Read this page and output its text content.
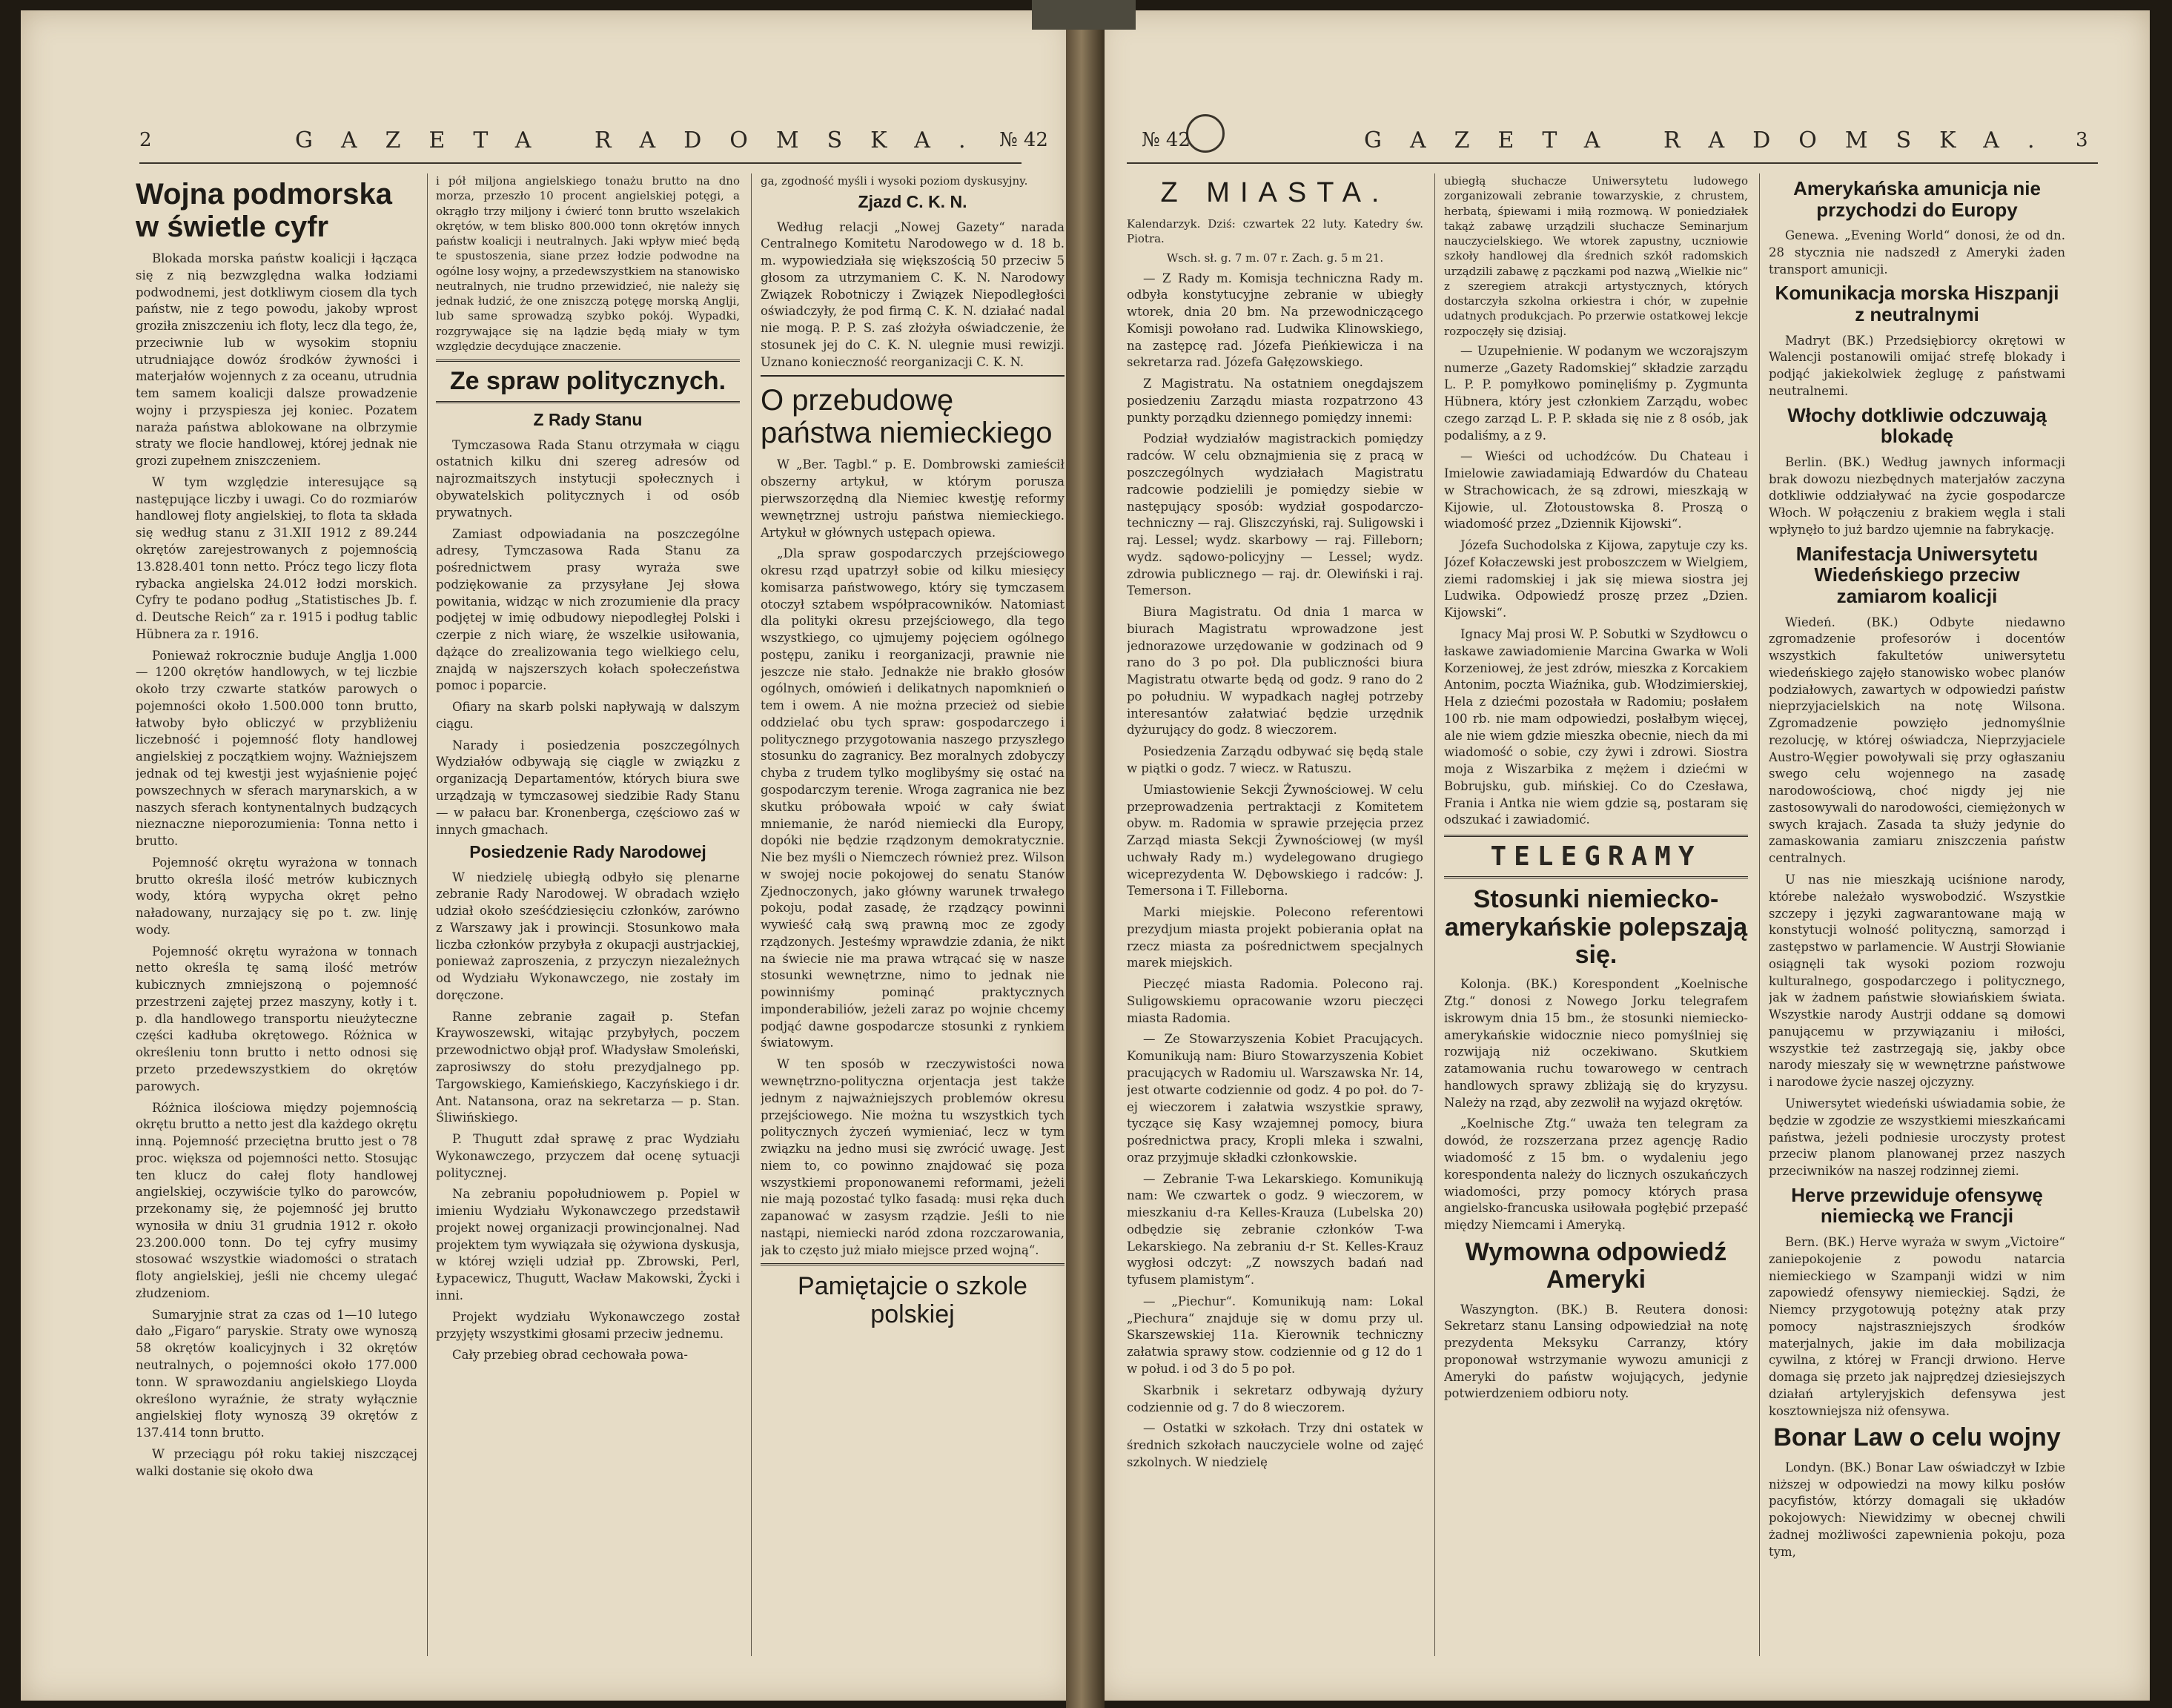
2	GAZETA RADOMSKA. № 42
Wojna podmorska w świetle cyfr

Blokada morska państw koalicji i łącząca się z nią bezwzględna walka łodziami podwodnemi, jest dotkliwym ciosem dla tych państw, nie z tego powodu, jakoby wprost groziła zniszczeniu ich floty, lecz dla tego, że, przeciwnie lub w wysokim stopniu utrudniające dowóz środków żywności i materjałów wojennych z za oceanu, utrudnia tem samem koalicji dalsze prowadzenie wojny i przyspiesza jej koniec. Pozatem naraża państwa ablokowane na olbrzymie straty we flocie handlowej, której jednak nie grozi zupełnem zniszczeniem.

W tym względzie interesujące są następujące liczby i uwagi. Co do rozmiarów handlowej floty angielskiej, to flota ta składa się według stanu z 31.XII 1912 z 89.244 okrętów zarejestrowanych z pojemnością 13.828.401 tonn netto. Prócz tego liczy flota rybacka angielska 24.012 łodzi morskich. Cyfry te podano podług „Statistisches Jb. f. d. Deutsche Reich“ za r. 1915 i podług tablic Hübnera za r. 1916.

Ponieważ rokrocznie buduje Anglja 1.000 — 1200 okrętów handlowych, w tej liczbie około trzy czwarte statków parowych o pojemności około 1.500.000 tonn brutto, łatwoby było obliczyć w przybliżeniu liczebność i pojemność floty handlowej angielskiej z początkiem wojny. Ważniejszem jednak od tej kwestji jest wyjaśnienie pojęć powszechnych w sferach marynarskich, a w naszych sferach kontynentalnych budzących nieznaczne nieporozumienia: Tonna netto i brutto.

Pojemność okrętu wyrażona w tonnach brutto określa ilość metrów kubicznych wody, którą wypycha okręt pełno naładowany, nurzający się po t. zw. linję wody.

Pojemność okrętu wyrażona w tonnach netto określa tę samą ilość metrów kubicznych zmniejszoną o pojemność przestrzeni zajętej przez maszyny, kotły i t. p. dla handlowego transportu nieużyteczne części kadłuba okrętowego. Różnica w określeniu tonn brutto i netto odnosi się przeto przedewszystkiem do okrętów parowych.

Różnica ilościowa między pojemnością okrętu brutto a netto jest dla każdego okrętu inną. Pojemność przeciętna brutto jest o 78 proc. większa od pojemności netto. Stosując ten klucz do całej floty handlowej angielskiej, oczywiście tylko do parowców, przekonamy się, że pojemność jej brutto wynosiła w dniu 31 grudnia 1912 r. około 23.200.000 tonn. Do tej cyfry musimy stosować wszystkie wiadomości o stratach floty angielskiej, jeśli nie chcemy ulegać złudzeniom.

Sumaryjnie strat za czas od 1—10 lutego dało „Figaro“ paryskie. Straty owe wynoszą 58 okrętów koalicyjnych i 32 okrętów neutralnych, o pojemności około 177.000 tonn. W sprawozdaniu angielskiego Lloyda określono wyraźnie, że straty wyłącznie angielskiej floty wynoszą 39 okrętów z 137.414 tonn brutto.

W przeciągu pół roku takiej niszczącej walki dostanie się około dwa

i pół miljona angielskiego tonażu brutto na dno morza, przeszło 10 procent angielskiej potęgi, a okrągło trzy miljony i ćwierć tonn brutto wszelakich okrętów, w tem blisko 800.000 tonn okrętów innych państw koalicji i neutralnych. Jaki wpływ mieć będą te spustoszenia, siane przez łodzie podwodne na ogólne losy wojny, a przedewszystkiem na stanowisko neutralnych, nie trudno przewidzieć, nie należy się jednak łudzić, że one zniszczą potęgę morską Anglji, lub same sprowadzą szybko pokój. Wypadki, rozgrywające się na lądzie będą miały w tym względzie decydujące znaczenie.

Ze spraw politycznych.
Z Rady Stanu

Tymczasowa Rada Stanu otrzymała w ciągu ostatnich kilku dni szereg adresów od najrozmaitszych instytucji społecznych i obywatelskich politycznych i od osób prywatnych.

Zamiast odpowiadania na poszczególne adresy, Tymczasowa Rada Stanu za pośrednictwem prasy wyraża swe podziękowanie za przysyłane Jej słowa powitania, widząc w nich zrozumienie dla pracy podjętej w imię odbudowy niepodległej Polski i czerpie z nich wiarę, że wszelkie usiłowania, dążące do zrealizowania tego wielkiego celu, znajdą w najszerszych kołach społeczeństwa pomoc i poparcie.

Ofiary na skarb polski napływają w dalszym ciągu.

Narady i posiedzenia poszczególnych Wydziałów odbywają się ciągle w związku z organizacją Departamentów, których biura swe urządzają w tymczasowej siedzibie Rady Stanu — w pałacu bar. Kronenberga, częściowo zaś w innych gmachach.

Posiedzenie Rady Narodowej

W niedzielę ubiegłą odbyło się plenarne zebranie Rady Narodowej. W obradach wzięło udział około sześćdziesięciu członków, zarówno z Warszawy jak i prowincji. Stosunkowo mała liczba członków przybyła z okupacji austrjackiej, ponieważ zaproszenia, z przyczyn niezależnych od Wydziału Wykonawczego, nie zostały im doręczone.

Ranne zebranie zagaił p. Stefan Kraywoszewski, witając przybyłych, poczem przewodnictwo objął prof. Władysław Smoleński, zaprosiwszy do stołu prezydjalnego pp. Targowskiego, Kamieńskiego, Kaczyńskiego i dr. Ant. Natansona, oraz na sekretarza — p. Stan. Śliwińskiego.

P. Thugutt zdał sprawę z prac Wydziału Wykonawczego, przyczem dał ocenę sytuacji politycznej.

Na zebraniu popołudniowem p. Popiel w imieniu Wydziału Wykonawczego przedstawił projekt nowej organizacji prowincjonalnej. Nad projektem tym wywiązała się ożywiona dyskusja, w której wzięli udział pp. Zbrowski, Perl, Łypacewicz, Thugutt, Wacław Makowski, Życki i inni.

Projekt wydziału Wykonawczego został przyjęty wszystkimi głosami przeciw jednemu.

Cały przebieg obrad cechowała powa-

ga, zgodność myśli i wysoki poziom dyskusyjny.

Zjazd C. K. N.

Według relacji „Nowej Gazety“ narada Centralnego Komitetu Narodowego w d. 18 b. m. wypowiedziała się większością 50 przeciw 5 głosom za utrzymaniem C. K. N. Narodowy Związek Robotniczy i Związek Niepodległości oświadczyły, że pod firmą C. K. N. działać nadal nie mogą. P. P. S. zaś złożyła oświadczenie, że stosunek jej do C. K. N. ulegnie musi rewizji. Uznano konieczność reorganizacji C. K. N.

O przebudowę państwa niemieckiego

W „Ber. Tagbl.“ p. E. Dombrowski zamieścił obszerny artykuł, w którym porusza pierwszorzędną dla Niemiec kwestję reformy wewnętrznej ustroju państwa niemieckiego. Artykuł w głównych ustępach opiewa.

„Dla spraw gospodarczych przejściowego okresu rząd upatrzył sobie od kilku miesięcy komisarza państwowego, który się tymczasem otoczył sztabem współpracowników. Natomiast dla polityki okresu przejściowego, dla tego wszystkiego, co ujmujemy pojęciem ogólnego postępu, zaniku i reorganizacji, prawnie nie jeszcze nie stało. Jednakże nie brakło głosów ogólnych, omówień i delikatnych napomknień o tem i owem. A nie można przecież od siebie oddzielać obu tych spraw: gospodarczego i politycznego przygotowania naszego przyszłego stosunku do zagranicy. Bez moralnych zdobyczy chyba z trudem tylko moglibyśmy się ostać na gospodarczym terenie. Wroga zagranica nie bez skutku próbowała wpoić w cały świat mniemanie, że naród niemiecki dla Europy, dopóki nie będzie rządzonym demokratycznie. Nie bez myśli o Niemczech również prez. Wilson w swojej nocie pokojowej do senatu Stanów Zjednoczonych, jako główny warunek trwałego pokoju, podał zasadę, że rządzący powinni wywieść całą swą prawną moc ze zgody rządzonych. Jesteśmy wprawdzie zdania, że nikt na świecie nie ma prawa wtrącać się w nasze stosunki wewnętrzne, nimo to jednak nie powinniśmy pominąć praktycznych imponderabiliów, jeżeli zaraz po wojnie chcemy podjąć dawne gospodarcze stosunki z rynkiem światowym.

W ten sposób w rzeczywistości nowa wewnętrzno-polityczna orjentacja jest także jednym z najważniejszych problemów okresu przejściowego. Nie można tu wszystkich tych politycznych życzeń wymieniać, lecz w tym związku na jedno musi się zwrócić uwagę. Jest niem to, co powinno znajdować się poza wszystkiemi proponowanemi reformami, jeżeli nie mają pozostać tylko fasadą: musi ręka duch zapanować w zasysm rządzie. Jeśli to nie nastąpi, niemiecki naród zdona rozczarowania, jak to często już miało miejsce przed wojną“.

Pamiętajcie o szkole polskiej
№ 42	GAZETA RADOMSKA. 3
Z MIASTA.

Kalendarzyk. Dziś: czwartek 22 luty. Katedry św. Piotra.

Wsch. sł. g. 7 m. 07 r. Zach. g. 5 m 21.

— Z Rady m. Komisja techniczna Rady m. odbyła konstytucyjne zebranie w ubiegły wtorek, dnia 20 bm. Na przewodniczącego Komisji powołano rad. Ludwika Klinowskiego, na zastępcę rad. Józefa Pieńkiewicza i na sekretarza rad. Józefa Gałęzowskiego.

Z Magistratu. Na ostatniem onegdajszem posiedzeniu Zarządu miasta rozpatrzono 43 punkty porządku dziennego pomiędzy innemi:

Podział wydziałów magistrackich pomiędzy radców. W celu obznajmienia się z pracą w poszczególnych wydziałach Magistratu radcowie podzielili je pomiędzy siebie w następujący sposób: wydział gospodarczo-techniczny — raj. Gliszczyński, raj. Suligowski i raj. Lessel; wydz. skarbowy — raj. Filleborn; wydz. sądowo-policyjny — Lessel; wydz. zdrowia publicznego — raj. dr. Olewiński i raj. Temerson.

Biura Magistratu. Od dnia 1 marca w biurach Magistratu wprowadzone jest jednorazowe urzędowanie w godzinach od 9 rano do 3 po poł. Dla publiczności biura Magistratu otwarte będą od godz. 9 rano do 2 po południu. W wypadkach nagłej potrzeby interesantów załatwiać będzie urzędnik dyżurujący do godz. 8 wieczorem.

Posiedzenia Zarządu odbywać się będą stale w piątki o godz. 7 wiecz. w Ratuszu.

Umiastowienie Sekcji Żywnościowej. W celu przeprowadzenia pertraktacji z Komitetem obyw. m. Radomia w sprawie przejęcia przez Zarząd miasta Sekcji Żywnościowej (w myśl uchwały Rady m.) wydelegowano drugiego wiceprezydenta W. Dębowskiego i radców: J. Temersona i T. Filleborna.

Marki miejskie. Polecono referentowi prezydjum miasta projekt pobierania opłat na rzecz miasta za pośrednictwem specjalnych marek miejskich.

Pieczęć miasta Radomia. Polecono raj. Suligowskiemu opracowanie wzoru pieczęci miasta Radomia.

— Ze Stowarzyszenia Kobiet Pracujących. Komunikują nam: Biuro Stowarzyszenia Kobiet pracujących w Radomiu ul. Warszawska Nr. 14, jest otwarte codziennie od godz. 4 po poł. do 7-ej wieczorem i załatwia wszystkie sprawy, tyczące się Kasy wzajemnej pomocy, biura pośrednictwa pracy, Kropli mleka i szwalni, oraz przyjmuje składki członkowskie.

— Zebranie T-wa Lekarskiego. Komunikują nam: We czwartek o godz. 9 wieczorem, w mieszkaniu d-ra Kelles-Krauza (Lubelska 20) odbędzie się zebranie członków T-wa Lekarskiego. Na zebraniu d-r St. Kelles-Krauz wygłosi odczyt: „Z nowszych badań nad tyfusem plamistym“.

— „Piechur“. Komunikują nam: Lokal „Piechura“ znajduje się w domu przy ul. Skarszewskiej 11a. Kierownik techniczny załatwia sprawy stow. codziennie od g 12 do 1 w połud. i od 3 do 5 po poł.

Skarbnik i sekretarz odbywają dyżury codziennie od g. 7 do 8 wieczorem.

— Ostatki w szkołach. Trzy dni ostatek w średnich szkołach nauczyciele wolne od zajęć szkolnych. W niedzielę

ubiegłą słuchacze Uniwersytetu ludowego zorganizowali zebranie towarzyskie, z chrustem, herbatą, śpiewami i miłą rozmową. W poniedziałek takąż zabawę urządzili słuchacze Seminarjum nauczycielskiego. We wtorek zapustny, uczniowie szkoły handlowej dla średnich szkół radomskich urządzili zabawę z pączkami pod nazwą „Wielkie nic“ z szeregiem atrakcji artystycznych, których dostarczyła szkolna orkiestra i chór, w zupełnie udatnych produkcjach. Po przerwie ostatkowej lekcje rozpoczęły się dzisiaj.

— Uzupełnienie. W podanym we wczorajszym numerze „Gazety Radomskiej“ składzie zarządu L. P. P. pomyłkowo pominęliśmy p. Zygmunta Hübnera, który jest członkiem Zarządu, wobec czego zarząd L. P. P. składa się nie z 8 osób, jak podaliśmy, a z 9.

— Wieści od uchodźców. Du Chateau i Imielowie zawiadamiają Edwardów du Chateau w Strachowicach, że są zdrowi, mieszkają w Kijowie, ul. Złotoustowska 8. Proszą o wiadomość przez „Dziennik Kijowski“.

Józefa Suchodolska z Kijowa, zapytuje czy ks. Józef Kołaczewski jest proboszczem w Wielgiem, ziemi radomskiej i jak się miewa siostra jej Ludwika. Odpowiedź proszę przez „Dzien. Kijowski“.

Ignacy Maj prosi W. P. Sobutki w Szydłowcu o łaskawe zawiadomienie Marcina Gwarka w Woli Korzeniowej, że jest zdrów, mieszka z Korcakiem Antonim, poczta Wiaźnika, gub. Włodzimierskiej, Hela z dziećmi pozostała w Radomiu; posłałem 100 rb. nie mam odpowiedzi, posłałbym więcej, ale nie wiem gdzie mieszka obecnie, niech da mi wiadomość o sobie, czy żywi i zdrowi. Siostra moja z Wiszarbika z mężem i dziećmi w Bobrujsku, gub. mińskiej. Co do Czesława, Frania i Antka nie wiem gdzie są, postaram się odszukać i zawiadomić.

TELEGRAMY
Stosunki niemiecko-amerykańskie polepszają się.

Kolonja. (BK.) Korespondent „Koelnische Ztg.“ donosi z Nowego Jorku telegrafem iskrowym dnia 15 bm., że stosunki niemiecko-amerykańskie widocznie nieco pomyślniej się rozwijają niż oczekiwano. Skutkiem zatamowania ruchu towarowego w centrach handlowych sprawy zbliżają się do kryzysu. Należy na rząd, aby zezwolił na wyjazd okrętów.

„Koelnische Ztg.“ uważa ten telegram za dowód, że rozszerzana przez agencję Radio wiadomość z 15 bm. o wydaleniu jego korespondenta należy do licznych oszukańczych wiadomości, przy pomocy których prasa angielsko-francuska usiłowała pogłębić przepaść między Niemcami i Ameryką.

Wymowna odpowiedź Ameryki

Waszyngton. (BK.) B. Reutera donosi: Sekretarz stanu Lansing odpowiedział na notę prezydenta Meksyku Carranzy, który proponował wstrzymanie wywozu amunicji z Ameryki do państw wojujących, jedynie potwierdzeniem odbioru noty.

Amerykańska amunicja nie przychodzi do Europy

Genewa. „Evening World“ donosi, że od dn. 28 stycznia nie nadszedł z Ameryki żaden transport amunicji.

Komunikacja morska Hiszpanji z neutralnymi

Madryt (BK.) Przedsiębiorcy okrętowi w Walencji postanowili omijać strefę blokady i podjąć jakiekolwiek żeglugę z państwami neutralnemi.

Włochy dotkliwie odczuwają blokadę

Berlin. (BK.) Według jawnych informacji brak dowozu niezbędnych materjałów zaczyna dotkliwie oddziaływać na życie gospodarcze Włoch. W połączeniu z brakiem węgla i stali wpłynęło to już bardzo ujemnie na fabrykację.

Manifestacja Uniwersytetu Wiedeńskiego przeciw zamiarom koalicji

Wiedeń. (BK.) Odbyte niedawno zgromadzenie profesorów i docentów wszystkich fakultetów uniwersytetu wiedeńskiego zajęło stanowisko wobec planów podziałowych, zawartych w odpowiedzi państw nieprzyjacielskich na notę Wilsona. Zgromadzenie powzięło jednomyślnie rezolucję, w której oświadcza, Nieprzyjaciele Austro-Węgier powoływali się przy ogłaszaniu swego celu wojennego na zasadę narodowościową, choć nigdy jej nie zastosowywali do narodowości, ciemiężonych w swych krajach. Zasada ta służy jedynie do zamaskowania zamiaru zniszczenia państw centralnych.

U nas nie mieszkają uciśnione narody, którebe należało wyswobodzić. Wszystkie szczepy i języki zagwarantowane mają w konstytucji wolność polityczną, samorząd i zastępstwo w parlamencie. W Austrji Słowianie osiągnęli tak wysoki poziom rozwoju kulturalnego, gospodarczego i politycznego, jak w żadnem państwie słowiańskiem świata. Wszystkie narody Austrji oddane są domowi panującemu w przywiązaniu i miłości, wszystkie też zastrzegają się, jakby obce narody mieszały się w wewnętrzne państwowe i narodowe życie naszej ojczyzny.

Uniwersytet wiedeński uświadamia sobie, że będzie w zgodzie ze wszystkiemi mieszkańcami państwa, jeżeli podniesie uroczysty protest przeciw planom planowanej przez naszych przeciwników na naszej rodzinnej ziemi.

Herve przewiduje ofensywę niemiecką we Francji

Bern. (BK.) Herve wyraża w swym „Victoire“ zaniepokojenie z powodu natarcia niemieckiego w Szampanji widzi w nim zapowiedź ofensywy niemieckiej. Sądzi, że Niemcy przygotowują potężny atak przy pomocy najstraszniejszych środków materjalnych, jakie im dała mobilizacja cywilna, z której w Francji drwiono. Herve domaga się przeto jak najprędzej dziesiejszych działań artyleryjskich defensywa jest kosztowniejsza niż ofensywa.

Bonar Law o celu wojny

Londyn. (BK.) Bonar Law oświadczył w Izbie niższej w odpowiedzi na mowy kilku posłów pacyfistów, którzy domagali się układów pokojowych: Niewidzimy w obecnej chwili żadnej możliwości zapewnienia pokoju, poza tym,
